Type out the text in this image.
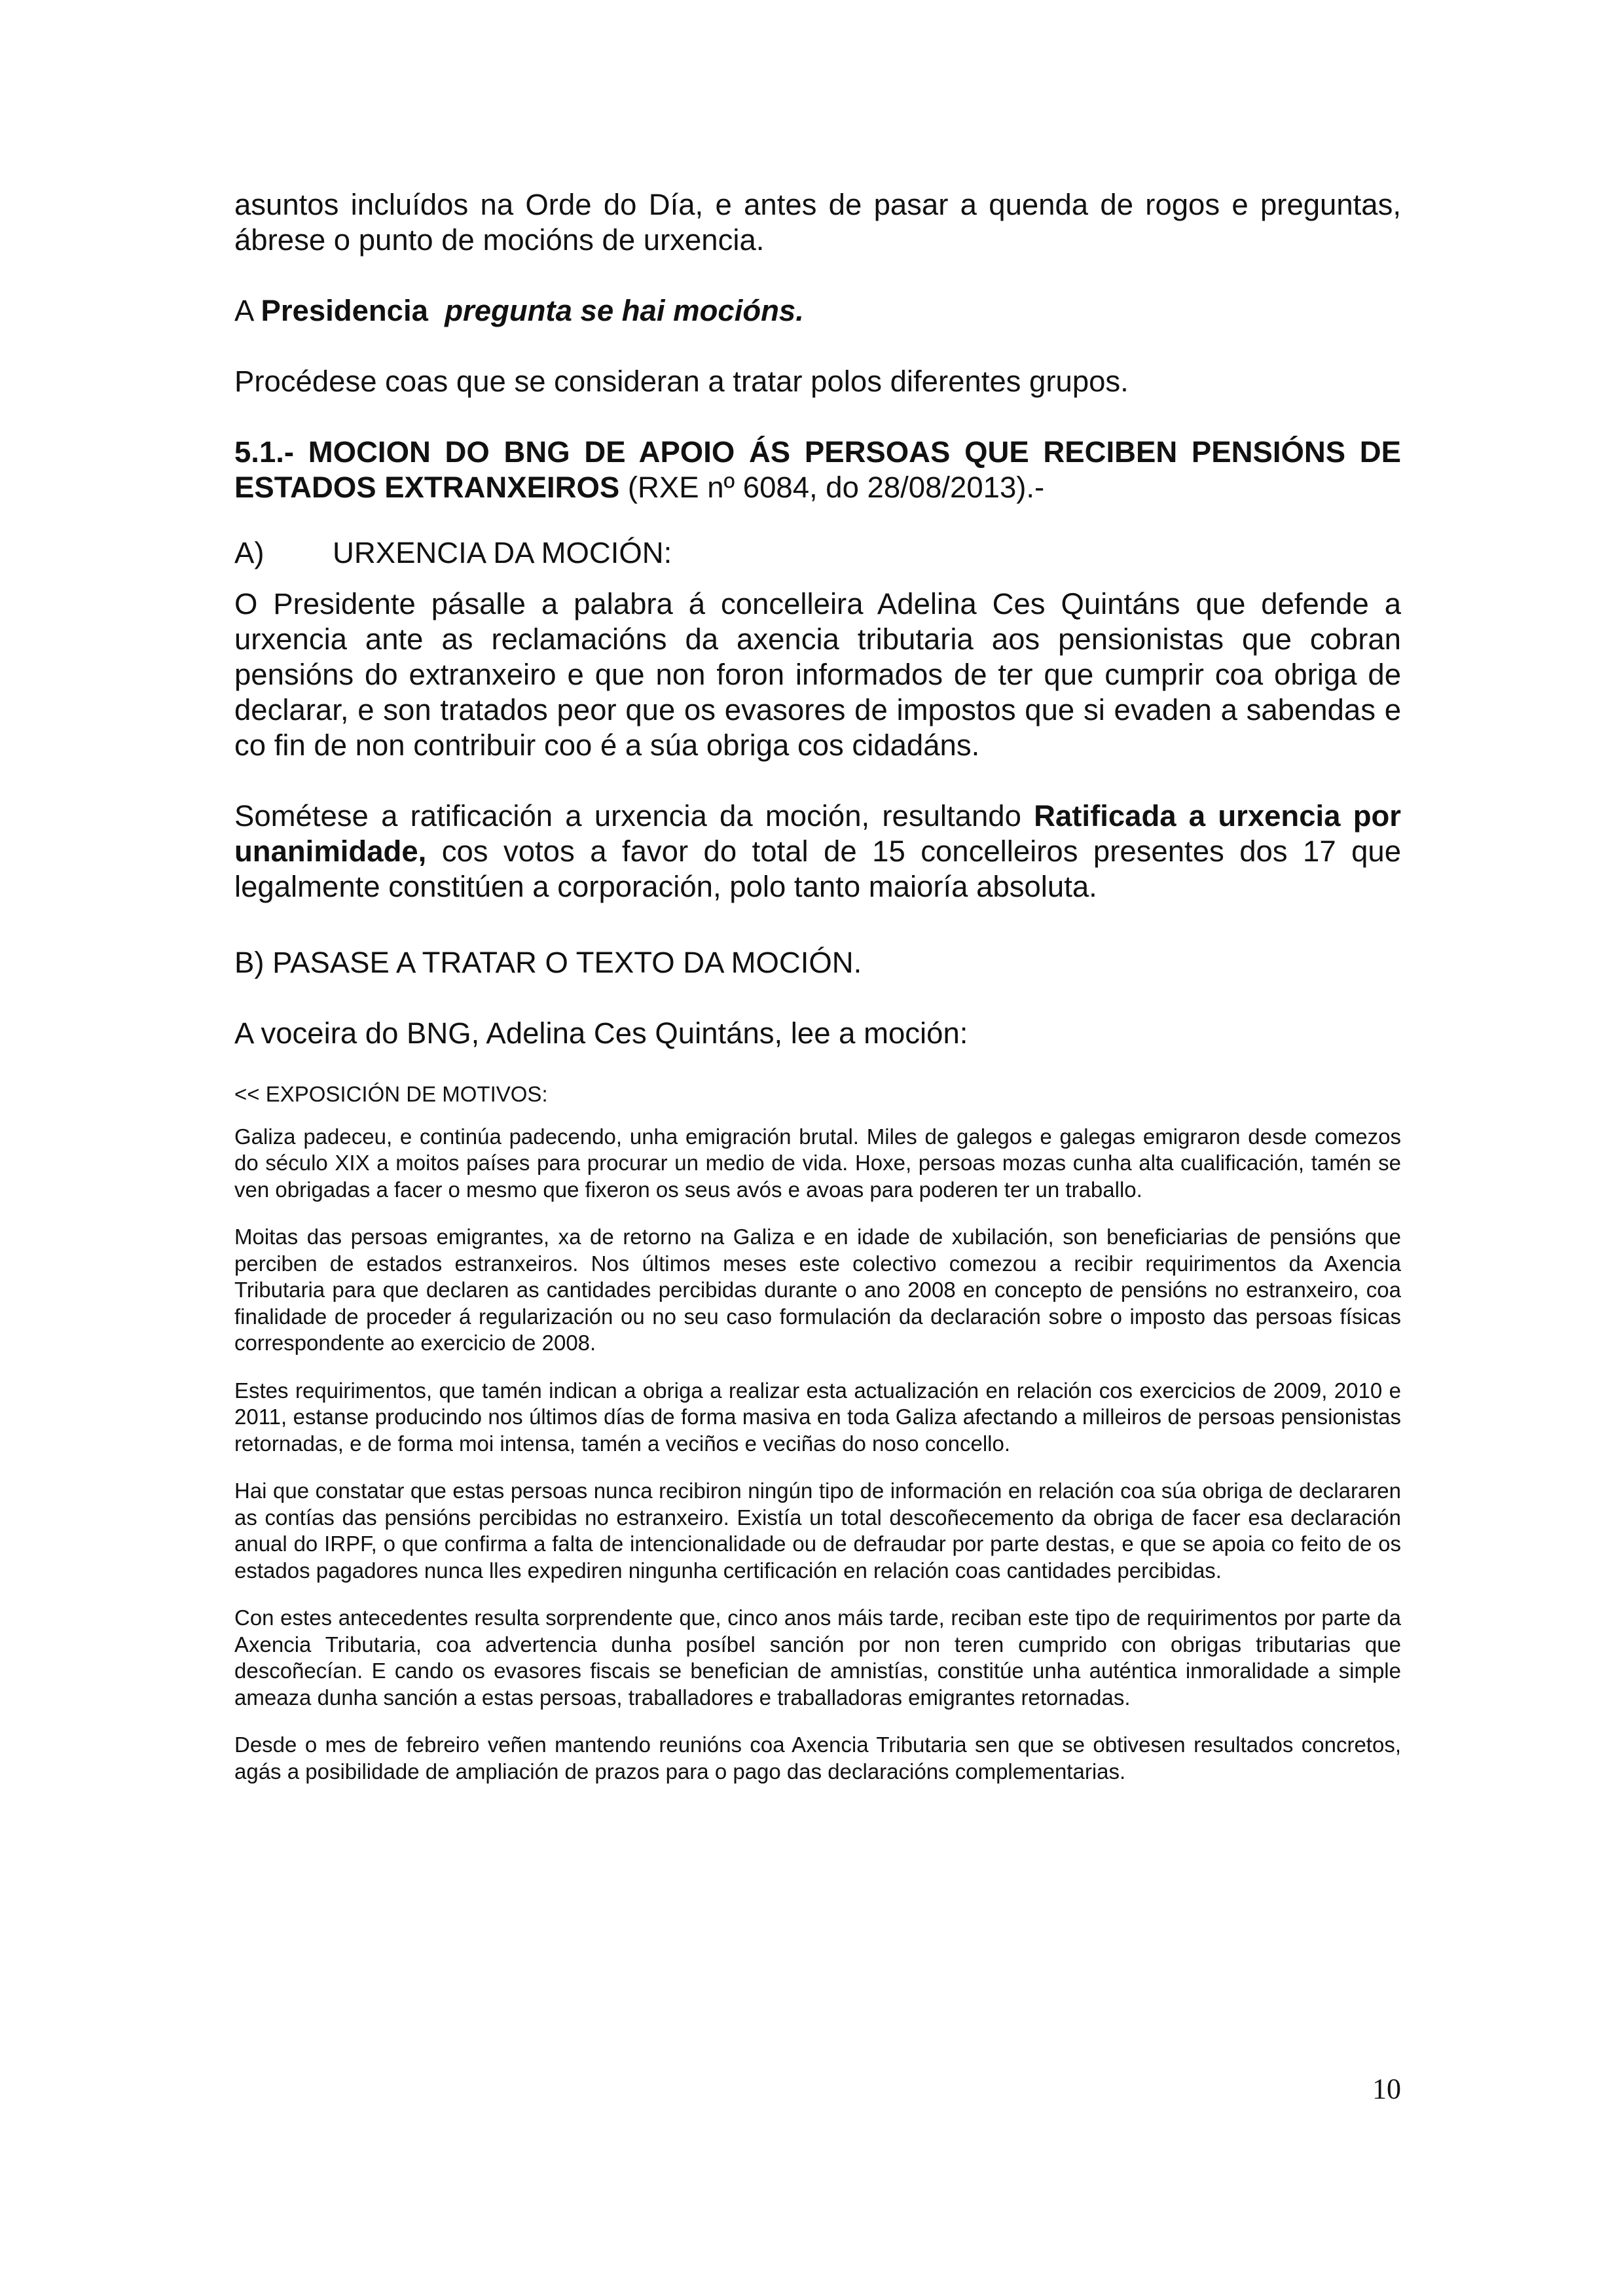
asuntos incluídos na Orde do Día, e antes de pasar a quenda de rogos e preguntas, ábrese o punto de mocións de urxencia.

A Presidencia pregunta se hai mocións.

Procédese coas que se consideran a tratar polos diferentes grupos.

5.1.- MOCION DO BNG DE APOIO ÁS PERSOAS QUE RECIBEN PENSIÓNS DE ESTADOS EXTRANXEIROS (RXE nº 6084, do 28/08/2013).-

A) URXENCIA DA MOCIÓN:

O Presidente pásalle a palabra á concelleira Adelina Ces Quintáns que defende a urxencia ante as reclamacións da axencia tributaria aos pensionistas que cobran pensións do extranxeiro e que non foron informados de ter que cumprir coa obriga de declarar, e son tratados peor que os evasores de impostos que si evaden a sabendas e co fin de non contribuir coo é a súa obriga cos cidadáns.

Sométese a ratificación a urxencia da moción, resultando Ratificada a urxencia por unanimidade, cos votos a favor do total de 15 concelleiros presentes dos 17 que legalmente constitúen a corporación, polo tanto maioría absoluta.

B) PASASE A TRATAR O TEXTO DA MOCIÓN.

A voceira do BNG, Adelina Ces Quintáns, lee a moción:

<< EXPOSICIÓN DE MOTIVOS:

Galiza padeceu, e continúa padecendo, unha emigración brutal. Miles de galegos e galegas emigraron desde comezos do século XIX a moitos países para procurar un medio de vida. Hoxe, persoas mozas cunha alta cualificación, tamén se ven obrigadas a facer o mesmo que fixeron os seus avós e avoas para poderen ter un traballo.

Moitas das persoas emigrantes, xa de retorno na Galiza e en idade de xubilación, son beneficiarias de pensións que perciben de estados estranxeiros. Nos últimos meses este colectivo comezou a recibir requirimentos da Axencia Tributaria para que declaren as cantidades percibidas durante o ano 2008 en concepto de pensións no estranxeiro, coa finalidade de proceder á regularización ou no seu caso formulación da declaración sobre o imposto das persoas físicas correspondente ao exercicio de 2008.

Estes requirimentos, que tamén indican a obriga a realizar esta actualización en relación cos exercicios de 2009, 2010 e 2011, estanse producindo nos últimos días de forma masiva en toda Galiza afectando a milleiros de persoas pensionistas retornadas, e de forma moi intensa, tamén a veciños e veciñas do noso concello.

Hai que constatar que estas persoas nunca recibiron ningún tipo de información en relación coa súa obriga de declararen as contías das pensións percibidas no estranxeiro. Existía un total descoñecemento da obriga de facer esa declaración anual do IRPF, o que confirma a falta de intencionalidade ou de defraudar por parte destas, e que se apoia co feito de os estados pagadores nunca lles expediren ningunha certificación en relación coas cantidades percibidas.

Con estes antecedentes resulta sorprendente que, cinco anos máis tarde, reciban este tipo de requirimentos por parte da Axencia Tributaria, coa advertencia dunha posíbel sanción por non teren cumprido con obrigas tributarias que descoñecían. E cando os evasores fiscais se benefician de amnistías, constitúe unha auténtica inmoralidade a simple ameaza dunha sanción a estas persoas, traballadores e traballadoras emigrantes retornadas.

Desde o mes de febreiro veñen mantendo reunións coa Axencia Tributaria sen que se obtivesen resultados concretos, agás a posibilidade de ampliación de prazos para o pago das declaracións complementarias.

10
